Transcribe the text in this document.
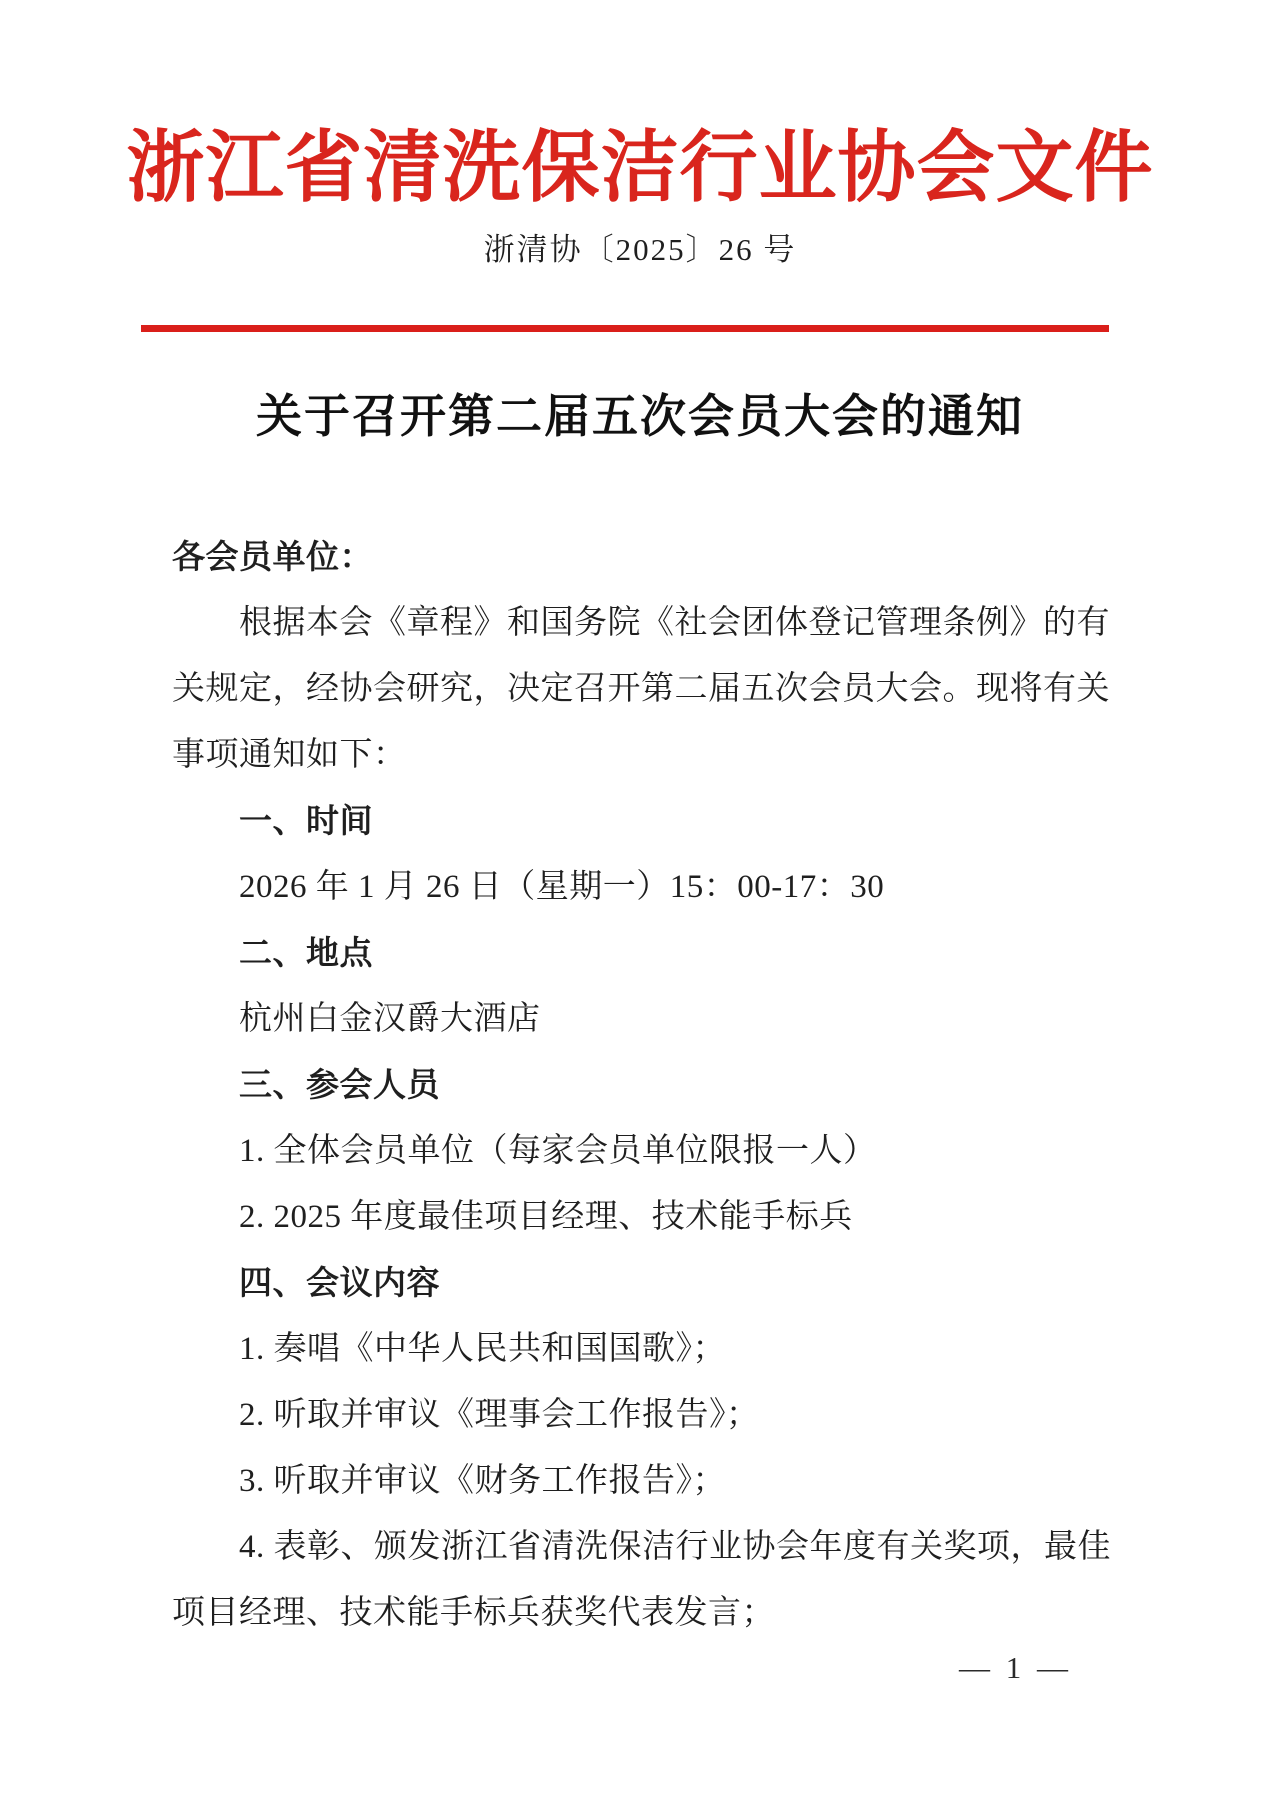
浙江省清洗保洁行业协会文件
浙清协〔2025〕26 号
关于召开第二届五次会员大会的通知
各会员单位：
根据本会《章程》和国务院《社会团体登记管理条例》的有
关规定，经协会研究，决定召开第二届五次会员大会。现将有关
事项通知如下：
一、时间
2026 年 1 月 26 日（星期一）15：00-17：30
二、地点
杭州白金汉爵大酒店
三、参会人员
1. 全体会员单位（每家会员单位限报一人）
2. 2025 年度最佳项目经理、技术能手标兵
四、会议内容
1. 奏唱《中华人民共和国国歌》；
2. 听取并审议《理事会工作报告》；
3. 听取并审议《财务工作报告》；
4. 表彰、颁发浙江省清洗保洁行业协会年度有关奖项，最佳
项目经理、技术能手标兵获奖代表发言；
— 1 —
